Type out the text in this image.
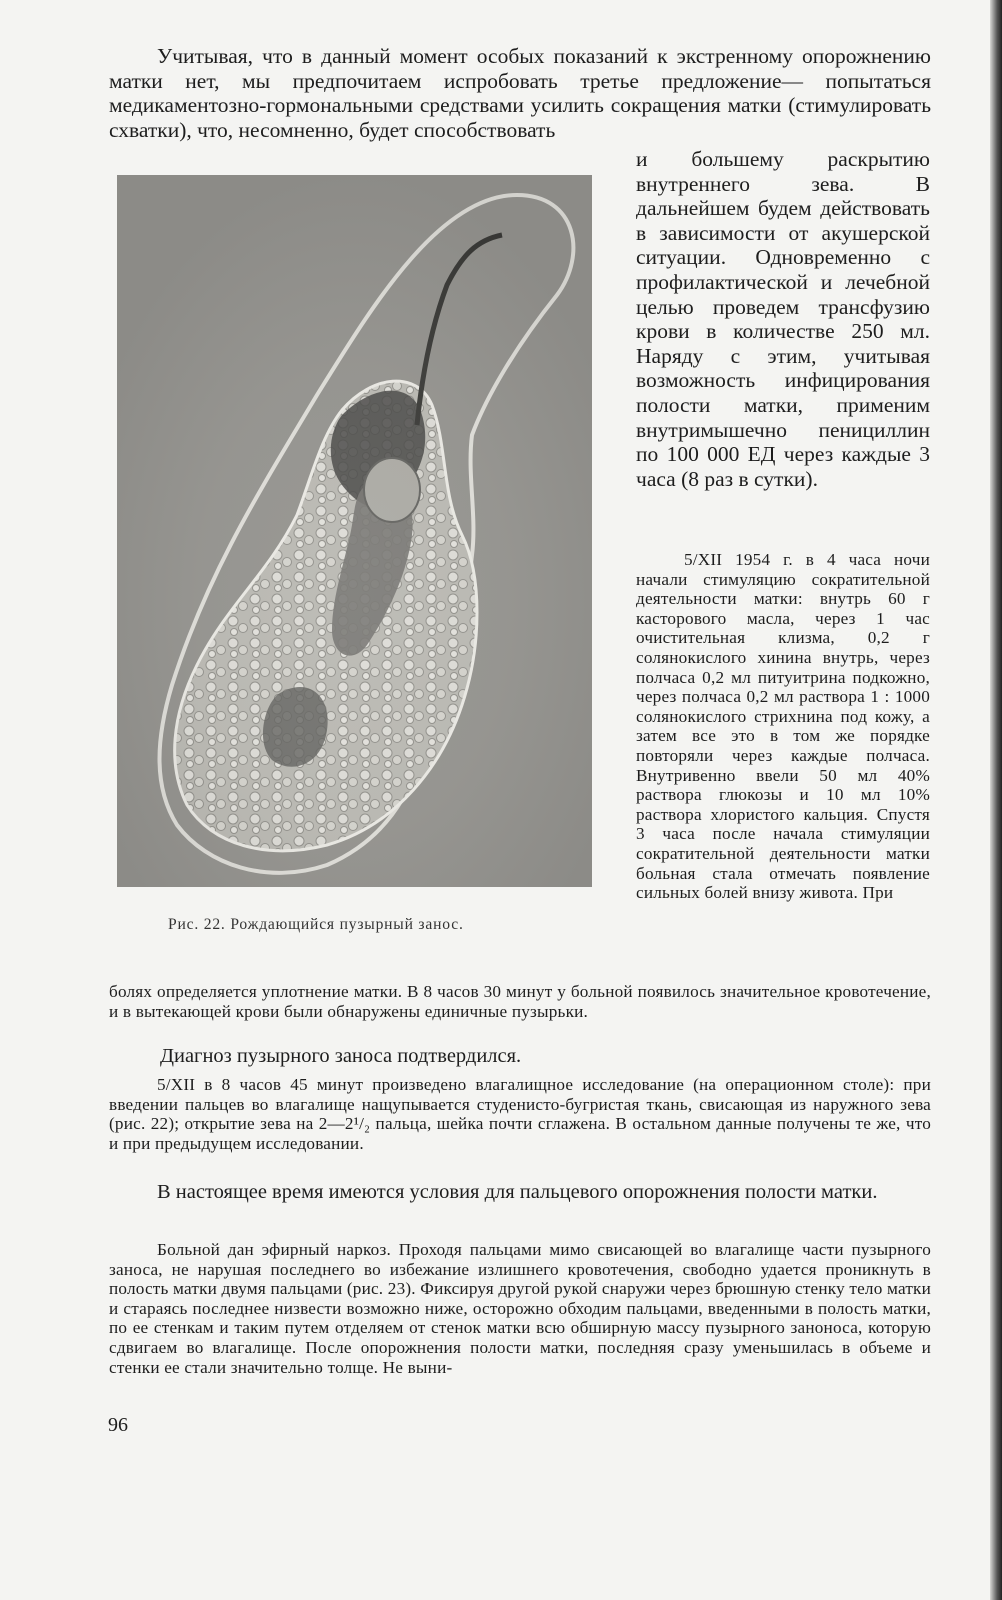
Учитывая, что в данный момент особых показаний к экстренному опорожнению матки нет, мы предпочитаем испробовать третье предложение— попытаться медикаментозно-гормональными средствами усилить сокращения матки (стимулировать схватки), что, несомненно, будет способствовать

и большему раскрытию внутреннего зева. В дальнейшем будем действовать в зависимости от акушерской ситуации. Одновременно с профилактической и лечебной целью проведем трансфузию крови в количестве 250 мл. Наряду с этим, учитывая возможность инфицирования полости матки, применим внутримышечно пенициллин по 100 000 ЕД через каждые 3 часа (8 раз в сутки).

Рис. 22. Рождающийся пузырный занос.

5/XII 1954 г. в 4 часа ночи начали стимуляцию сократительной деятельности матки: внутрь 60 г касторового масла, через 1 час очистительная клизма, 0,2 г солянокислого хинина внутрь, через полчаса 0,2 мл питуитрина подкожно, через полчаса 0,2 мл раствора 1 : 1000 солянокислого стрихнина под кожу, а затем все это в том же порядке повторяли через каждые полчаса. Внутривенно ввели 50 мл 40% раствора глюкозы и 10 мл 10% раствора хлористого кальция. Спустя 3 часа после начала стимуляции сократительной деятельности матки больная стала отмечать появление сильных болей внизу живота. При

болях определяется уплотнение матки. В 8 часов 30 минут у больной появилось значительное кровотечение, и в вытекающей крови были обнаружены единичные пузырьки.

Диагноз пузырного заноса подтвердился.

5/XII в 8 часов 45 минут произведено влагалищное исследование (на операционном столе): при введении пальцев во влагалище нащупывается студенисто-бугристая ткань, свисающая из наружного зева (рис. 22); открытие зева на 2—2¹/₂ пальца, шейка почти сглажена. В остальном данные получены те же, что и при предыдущем исследовании.

В настоящее время имеются условия для пальцевого опорожнения полости матки.

Больной дан эфирный наркоз. Проходя пальцами мимо свисающей во влагалище части пузырного заноса, не нарушая последнего во избежание излишнего кровотечения, свободно удается проникнуть в полость матки двумя пальцами (рис. 23). Фиксируя другой рукой снаружи через брюшную стенку тело матки и стараясь последнее низвести возможно ниже, осторожно обходим пальцами, введенными в полость матки, по ее стенкам и таким путем отделяем от стенок матки всю обширную массу пузырного заноноса, которую сдвигаем во влагалище. После опорожнения полости матки, последняя сразу уменьшилась в объеме и стенки ее стали значительно толще. Не выни-

96
